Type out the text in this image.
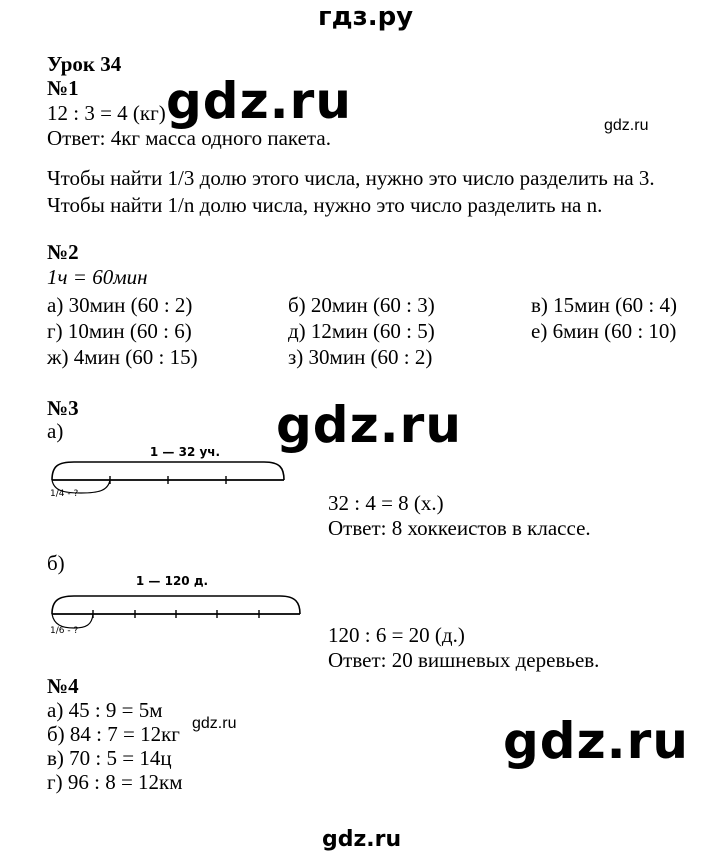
гдз.ру
gdz.ru	gdz.ru
gdz.ru
gdz.ru	gdz.ru
gdz.ru
Урок 34
№1
12 : 3 = 4 (кг)
Ответ: 4кг масса одного пакета.
Чтобы найти 1/3 долю этого числа, нужно это число разделить на 3.
Чтобы найти 1/n долю числа, нужно это число разделить на n.
№2
1ч = 60мин
а) 30мин (60 : 2)	б) 20мин (60 : 3)	в) 15мин (60 : 4)
г) 10мин (60 : 6)	д) 12мин (60 : 5)	е) 6мин (60 : 10)
ж) 4мин (60 : 15)	з) 30мин (60 : 2)
№3
а)
1 — 32 уч.
1/4 - ?	32 : 4 = 8 (х.)
Ответ: 8 хоккеистов в классе.
б)
1 — 120 д.
1/6 - ?	120 : 6 = 20 (д.)
Ответ: 20 вишневых деревьев.
№4
а) 45 : 9 = 5м
б) 84 : 7 = 12кг
в) 70 : 5 = 14ц
г) 96 : 8 = 12км
